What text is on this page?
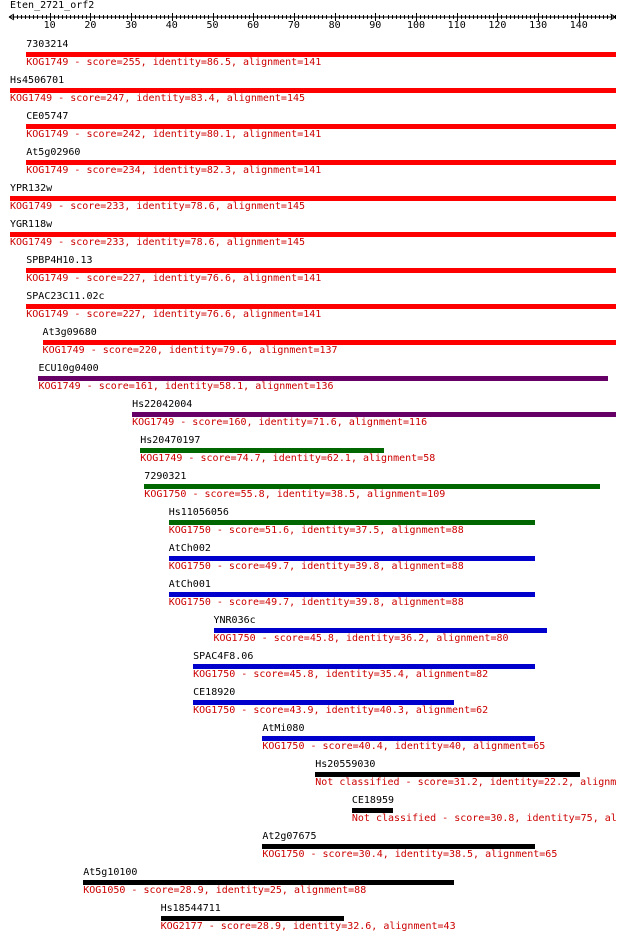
Eten_2721_orf2
10	20	30	40	50	60	70	80	90	100 110 120 130 140
7303214
KOG1749 - score=255, identity=86.5, alignment=141
Hs4506701
KOG1749 - score=247, identity=83.4, alignment=145
CE05747
KOG1749 - score=242, identity=80.1, alignment=141
At5g02960
KOG1749 - score=234, identity=82.3, alignment=141
YPR132w
KOG1749 - score=233, identity=78.6, alignment=145
YGR118w
KOG1749 - score=233, identity=78.6, alignment=145
SPBP4H10.13
KOG1749 - score=227, identity=76.6, alignment=141
SPAC23C11.02c
KOG1749 - score=227, identity=76.6, alignment=141
At3g09680
KOG1749 - score=220, identity=79.6, alignment=137
ECU10g0400
KOG1749 - score=161, identity=58.1, alignment=136
Hs22042004
KOG1749 - score=160, identity=71.6, alignment=116
Hs20470197
KOG1749 - score=74.7, identity=62.1, alignment=58
7290321
KOG1750 - score=55.8, identity=38.5, alignment=109
Hs11056056
KOG1750 - score=51.6, identity=37.5, alignment=88
AtCh002
KOG1750 - score=49.7, identity=39.8, alignment=88
AtCh001
KOG1750 - score=49.7, identity=39.8, alignment=88
YNR036c
KOG1750 - score=45.8, identity=36.2, alignment=80
SPAC4F8.06
KOG1750 - score=45.8, identity=35.4, alignment=82
CE18920
KOG1750 - score=43.9, identity=40.3, alignment=62
AtMi080
KOG1750 - score=40.4, identity=40, alignment=65
Hs20559030
Not classified - score=31.2, identity=22.2, alignm
CE18959
Not classified - score=30.8, identity=75, al
At2g07675
KOG1750 - score=30.4, identity=38.5, alignment=65
At5g10100
KOG1050 - score=28.9, identity=25, alignment=88
Hs18544711
KOG2177 - score=28.9, identity=32.6, alignment=43
